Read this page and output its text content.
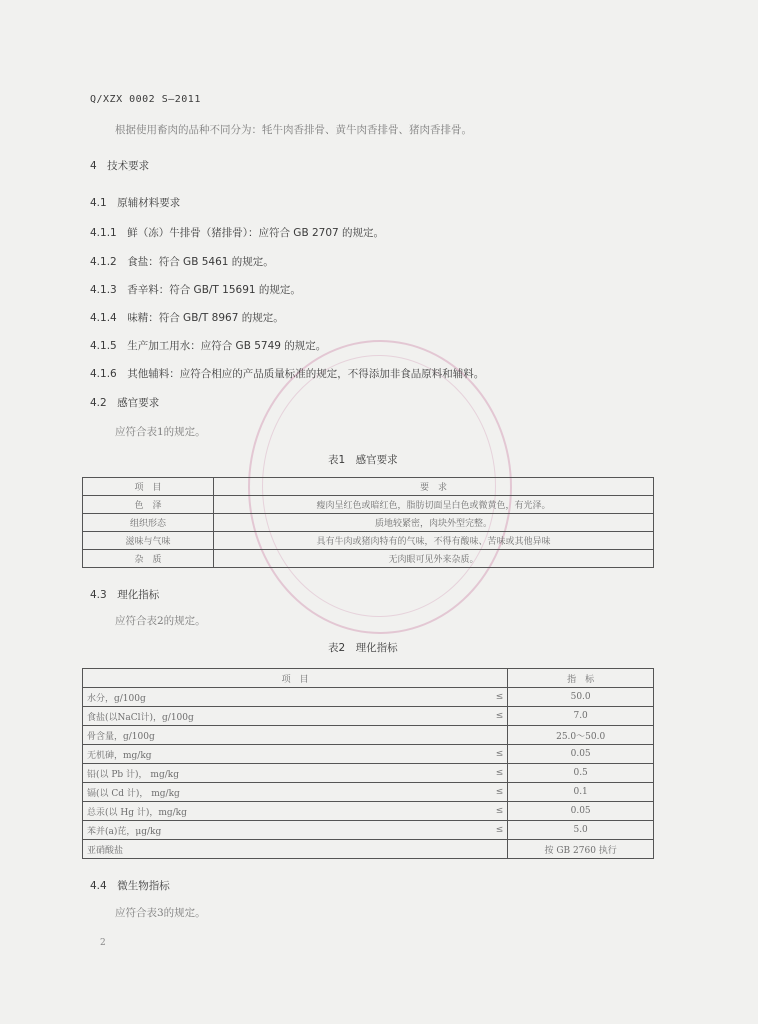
Q/XZX 0002 S—2011
根据使用畜肉的品种不同分为：牦牛肉香排骨、黄牛肉香排骨、猪肉香排骨。
4　技术要求
4.1　原辅材料要求
4.1.1　鲜（冻）牛排骨（猪排骨）：应符合 GB 2707 的规定。
4.1.2　食盐：符合 GB 5461 的规定。
4.1.3　香辛料：符合 GB/T 15691 的规定。
4.1.4　味精：符合 GB/T 8967 的规定。
4.1.5　生产加工用水：应符合 GB 5749 的规定。
4.1.6　其他辅料：应符合相应的产品质量标准的规定，不得添加非食品原料和辅料。
4.2　感官要求
应符合表1的规定。
表1　感官要求
项　目	要　求
色　泽	瘦肉呈红色或暗红色，脂肪切面呈白色或微黄色，有光泽。
组织形态	质地较紧密，肉块外型完整。
滋味与气味	具有牛肉或猪肉特有的气味，不得有酸味、苦味或其他异味
杂　质	无肉眼可见外来杂质。
4.3　理化指标
应符合表2的规定。
表2　理化指标
项　目		指　标
水分，g/100g	≤	50.0
食盐(以NaCl计)，g/100g	≤	7.0
骨含量，g/100g		25.0～50.0
无机砷，mg/kg	≤	0.05
铅(以 Pb 计)， mg/kg	≤	0.5
镉(以 Cd 计)， mg/kg	≤	0.1
总汞(以 Hg 计)，mg/kg	≤	0.05
苯并(a)芘，μg/kg	≤	5.0
亚硝酸盐		按 GB 2760 执行
4.4　微生物指标
应符合表3的规定。
2
